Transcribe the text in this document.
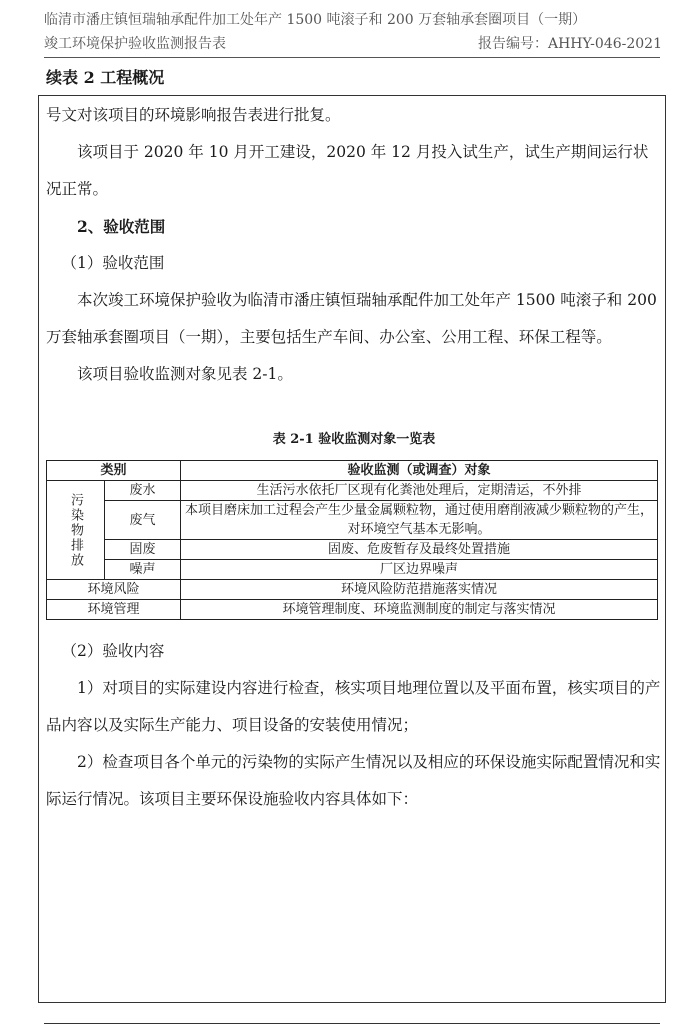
临清市潘庄镇恒瑞轴承配件加工处年产 1500 吨滚子和 200 万套轴承套圈项目（一期）
竣工环境保护验收监测报告表	报告编号：AHHY-046-2021
续表 2 工程概况

号文对该项目的环境影响报告表进行批复。

该项目于 2020 年 10 月开工建设，2020 年 12 月投入试生产，试生产期间运行状况正常。

2、验收范围

（1）验收范围

本次竣工环境保护验收为临清市潘庄镇恒瑞轴承配件加工处年产 1500 吨滚子和 200 万套轴承套圈项目（一期），主要包括生产车间、办公室、公用工程、环保工程等。

该项目验收监测对象见表 2-1。

表 2-1 验收监测对象一览表
类别		验收监测（或调查）对象

污染物排放	废水	生活污水依托厂区现有化粪池处理后，定期清运，不外排
	废气	本项目磨床加工过程会产生少量金属颗粒物，通过使用磨削液减少颗粒物的产生，对环境空气基本无影响。
	固废	固废、危废暂存及最终处置措施
	噪声	厂区边界噪声
环境风险		环境风险防范措施落实情况
环境管理		环境管理制度、环境监测制度的制定与落实情况

（2）验收内容

1）对项目的实际建设内容进行检查，核实项目地理位置以及平面布置，核实项目的产品内容以及实际生产能力、项目设备的安装使用情况；

2）检查项目各个单元的污染物的实际产生情况以及相应的环保设施实际配置情况和实际运行情况。该项目主要环保设施验收内容具体如下：
